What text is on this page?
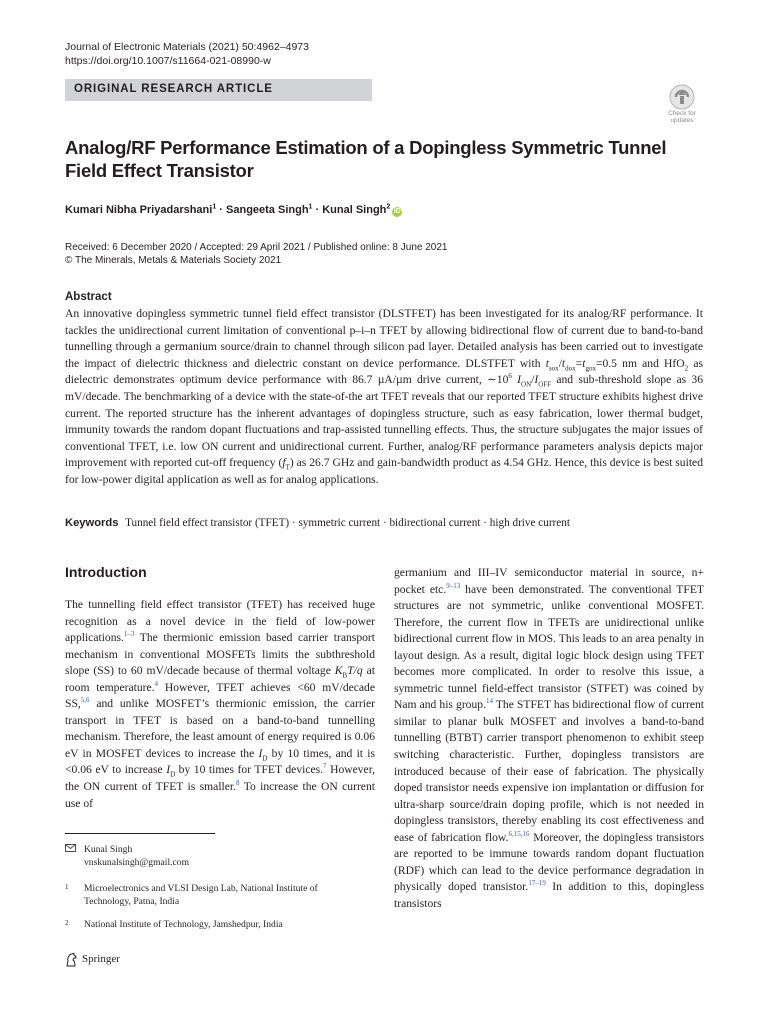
Journal of Electronic Materials (2021) 50:4962–4973
https://doi.org/10.1007/s11664-021-08990-w
ORIGINAL RESEARCH ARTICLE
Check for
updates
Analog/RF Performance Estimation of a Dopingless Symmetric Tunnel Field Effect Transistor
Kumari Nibha Priyadarshani$^1$ · Sangeeta Singh$^1$ · Kunal Singh$^2$iD
Received: 6 December 2020 / Accepted: 29 April 2021 / Published online: 8 June 2021
© The Minerals, Metals & Materials Society 2021
Abstract

An innovative dopingless symmetric tunnel field effect transistor (DLSTFET) has been investigated for its analog/RF performance. It tackles the unidirectional current limitation of conventional p–i–n TFET by allowing bidirectional flow of current due to band-to-band tunnelling through a germanium source/drain to channel through silicon pad layer. Detailed analysis has been carried out to investigate the impact of dielectric thickness and dielectric constant on device performance. DLSTFET with $t_{sox}/t_{dox}=t_{gox}=0.5$ nm and HfO$_2$ as dielectric demonstrates optimum device performance with 86.7 µA/µm drive current, $\sim 10^6$ $I_{ON}/I_{OFF}$ and sub-threshold slope as 36 mV/decade. The benchmarking of a device with the state-of-the art TFET reveals that our reported TFET structure exhibits highest drive current. The reported structure has the inherent advantages of dopingless structure, such as easy fabrication, lower thermal budget, immunity towards the random dopant fluctuations and trap-assisted tunnelling effects. Thus, the structure subjugates the major issues of conventional TFET, i.e. low ON current and unidirectional current. Further, analog/RF performance parameters analysis depicts major improvement with reported cut-off frequency $(f_T)$ as 26.7 GHz and gain-bandwidth product as 4.54 GHz. Hence, this device is best suited for low-power digital application as well as for analog applications.

Keywords Tunnel field effect transistor (TFET) · symmetric current · bidirectional current · high drive current
Introduction

The tunnelling field effect transistor (TFET) has received huge recognition as a novel device in the field of low-power applications.$^{1-3}$ The thermionic emission based carrier transport mechanism in conventional MOSFETs limits the subthreshold slope (SS) to 60 mV/decade because of thermal voltage $K_BT/q$ at room temperature.$^4$ However, TFET achieves <60 mV/decade SS,$^{5,6}$ and unlike MOSFET’s thermionic emission, the carrier transport in TFET is based on a band-to-band tunnelling mechanism. Therefore, the least amount of energy required is 0.06 eV in MOSFET devices to increase the $I_D$ by 10 times, and it is <0.06 eV to increase $I_D$ by 10 times for TFET devices.$^7$ However, the ON current of TFET is smaller.$^8$ To increase the ON current use of

germanium and III–IV semiconductor material in source, n+ pocket etc.$^{9-13}$ have been demonstrated. The conventional TFET structures are not symmetric, unlike conventional MOSFET. Therefore, the current flow in TFETs are unidirectional unlike bidirectional current flow in MOS. This leads to an area penalty in layout design. As a result, digital logic block design using TFET becomes more complicated. In order to resolve this issue, a symmetric tunnel field-effect transistor (STFET) was coined by Nam and his group.$^{14}$ The STFET has bidirectional flow of current similar to planar bulk MOSFET and involves a band-to-band tunnelling (BTBT) carrier transport phenomenon to exhibit steep switching characteristic. Further, dopingless transistors are introduced because of their ease of fabrication. The physically doped transistor needs expensive ion implantation or diffusion for ultra-sharp source/drain doping profile, which is not needed in dopingless transistors, thereby enabling its cost effectiveness and ease of fabrication flow.$^{6,15,16}$ Moreover, the dopingless transistors are reported to be immune towards random dopant fluctuation (RDF) which can lead to the device performance degradation in physically doped transistor.$^{17-19}$ In addition to this, dopingless transistors

Kunal Singh
vnskunalsingh@gmail.com
1 Microelectronics and VLSI Design Lab, National Institute of Technology, Patna, India
2 National Institute of Technology, Jamshedpur, India
Springer
